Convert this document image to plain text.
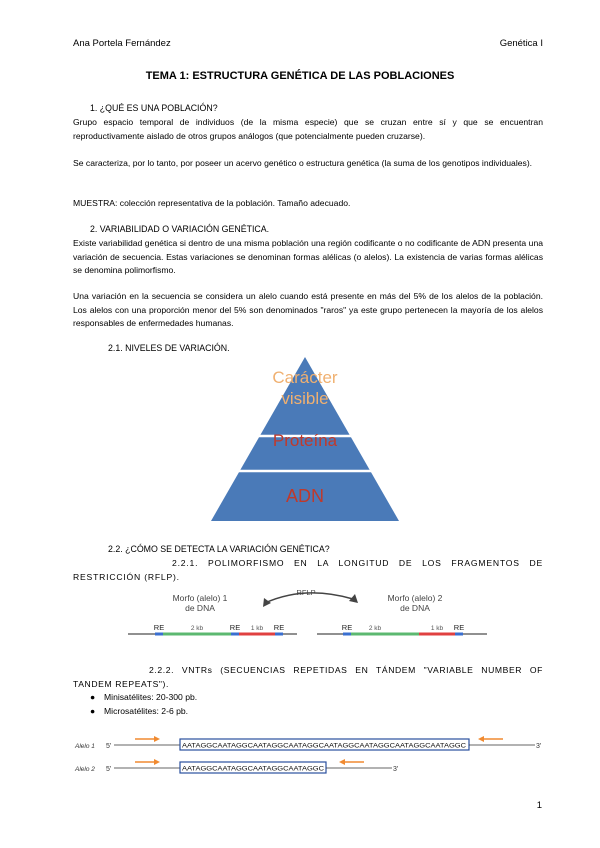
Ana Portela Fernández	Genética I
TEMA 1: ESTRUCTURA GENÉTICA DE LAS POBLACIONES
1. ¿QUÉ ES UNA POBLACIÓN?
Grupo espacio temporal de individuos (de la misma especie) que se cruzan entre sí y que se encuentran reproductivamente aislado de otros grupos análogos (que potencialmente pueden cruzarse).
Se caracteriza, por lo tanto, por poseer un acervo genético o estructura genética (la suma de los genotipos individuales).
MUESTRA: colección representativa de la población. Tamaño adecuado.
2. VARIABILIDAD O VARIACIÓN GENÉTICA.
Existe variabilidad genética si dentro de una misma población una región codificante o no codificante de ADN presenta una variación de secuencia. Estas variaciones se denominan formas alélicas (o alelos). La existencia de varias formas alélicas se denomina polimorfismo.
Una variación en la secuencia se considera un alelo cuando está presente en más del 5% de los alelos de la población. Los alelos con una proporción menor del 5% son denominados "raros" ya este grupo pertenecen la mayoría de los alelos responsables de enfermedades humanas.
2.1. NIVELES DE VARIACIÓN.
Carácter
visible
Proteína
ADN
2.2. ¿CÓMO SE DETECTA LA VARIACIÓN GENÉTICA?
2.2.1. POLIMORFISMO EN LA LONGITUD DE LOS FRAGMENTOS DE RESTRICCIÓN (RFLP).
Morfo (alelo) 1
de DNA
Morfo (alelo) 2
de DNA
RFLP
RE	RE	RE
2 kb	1 kb	RE	RE
2 kb	1 kb
2.2.2. VNTRs (SECUENCIAS REPETIDAS EN TÁNDEM "VARIABLE NUMBER OF TANDEM REPEATS").
● Minisatélites: 20-300 pb.
● Microsatélites: 2-6 pb.
Alelo 1 5'	AATAGGCAATAGGCAATAGGCAATAGGCAATAGGCAATAGGCAATAGGCAATAGGC	3'
Alelo 2 5'	AATAGGCAATAGGCAATAGGCAATAGGC	3'
1
